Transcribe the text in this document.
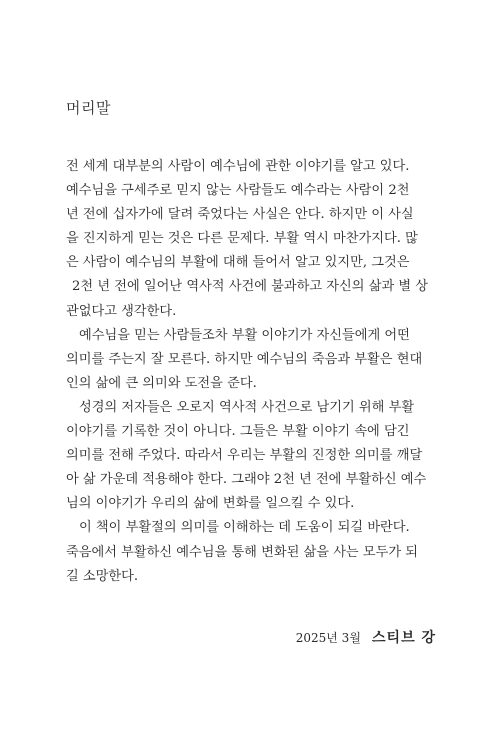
머리말
전 세계 대부분의 사람이 예수님에 관한 이야기를 알고 있다.
예수님을 구세주로 믿지 않는 사람들도 예수라는 사람이 2천
년 전에 십자가에 달려 죽었다는 사실은 안다. 하지만 이 사실
을 진지하게 믿는 것은 다른 문제다. 부활 역시 마찬가지다. 많
은 사람이 예수님의 부활에 대해 들어서 알고 있지만, 그것은
2천 년 전에 일어난 역사적 사건에 불과하고 자신의 삶과 별 상
관없다고 생각한다.
예수님을 믿는 사람들조차 부활 이야기가 자신들에게 어떤
의미를 주는지 잘 모른다. 하지만 예수님의 죽음과 부활은 현대
인의 삶에 큰 의미와 도전을 준다.
성경의 저자들은 오로지 역사적 사건으로 남기기 위해 부활
이야기를 기록한 것이 아니다. 그들은 부활 이야기 속에 담긴
의미를 전해 주었다. 따라서 우리는 부활의 진정한 의미를 깨달
아 삶 가운데 적용해야 한다. 그래야 2천 년 전에 부활하신 예수
님의 이야기가 우리의 삶에 변화를 일으킬 수 있다.
이 책이 부활절의 의미를 이해하는 데 도움이 되길 바란다.
죽음에서 부활하신 예수님을 통해 변화된 삶을 사는 모두가 되
길 소망한다.
2025년 3월 스티브 강
